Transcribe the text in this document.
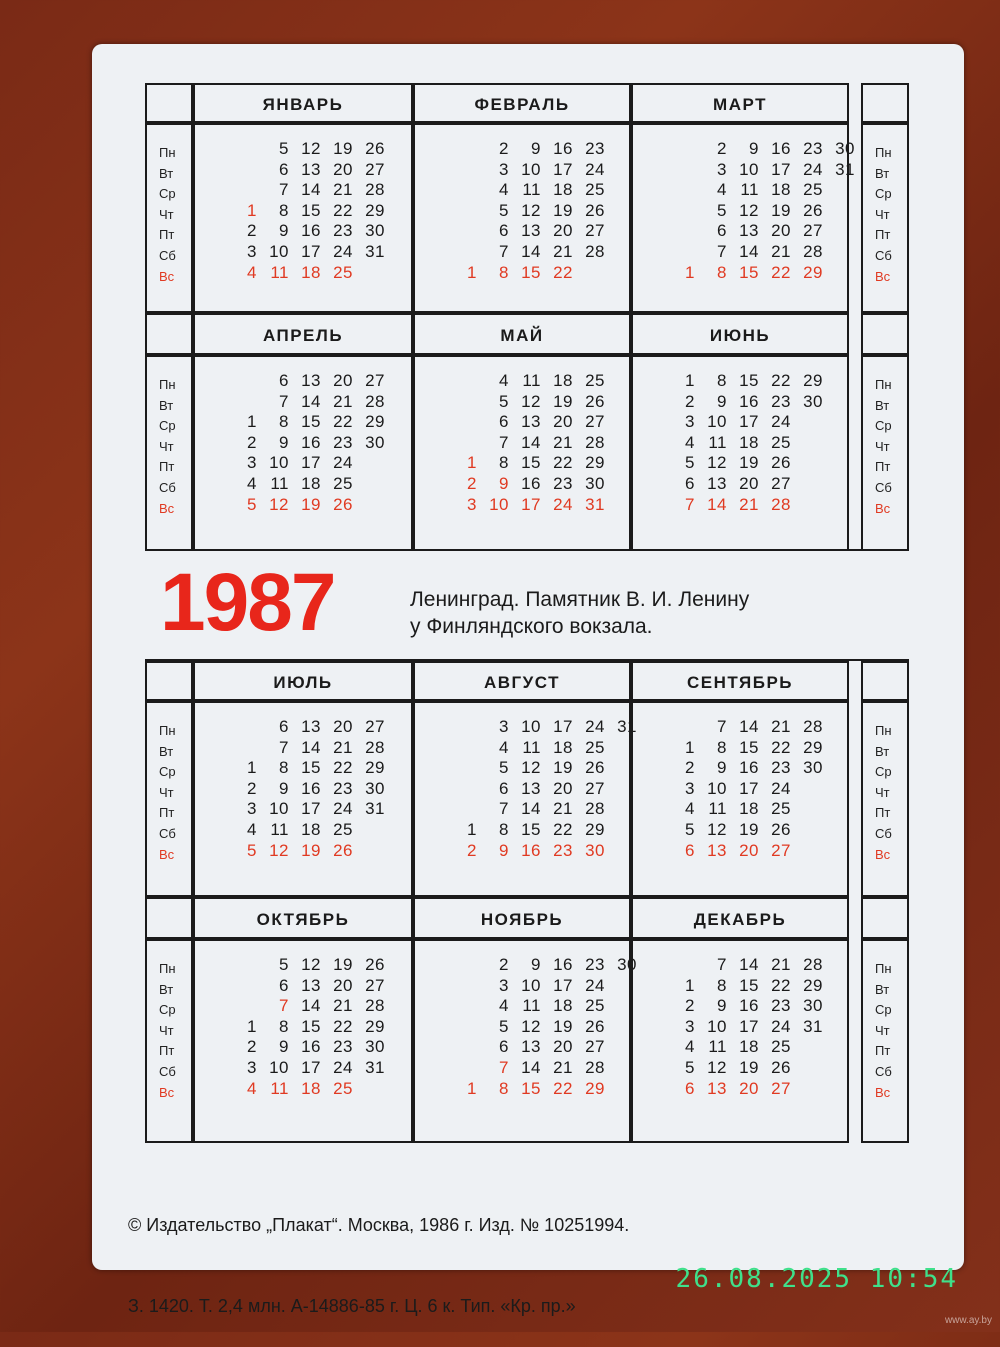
Пн
Вт
Ср
Чт
Пт
Сб
Вс
Пн
Вт
Ср
Чт
Пт
Сб
Вс
ЯНВАРЬ
1
2
3
4
5
6
7
8
9
10
11
12
13
14
15
16
17
18
19
20
21
22
23
24
25
26
27
28
29
30
31
ФЕВРАЛЬ
1
2
3
4
5
6
7
8
9
10
11
12
13
14
15
16
17
18
19
20
21
22
23
24
25
26
27
28
МАРТ
1
2
3
4
5
6
7
8
9
10
11
12
13
14
15
16
17
18
19
20
21
22
23
24
25
26
27
28
29
30
31
Пн
Вт
Ср
Чт
Пт
Сб
Вс
Пн
Вт
Ср
Чт
Пт
Сб
Вс
АПРЕЛЬ
1
2
3
4
5
6
7
8
9
10
11
12
13
14
15
16
17
18
19
20
21
22
23
24
25
26
27
28
29
30
МАЙ
1
2
3
4
5
6
7
8
9
10
11
12
13
14
15
16
17
18
19
20
21
22
23
24
25
26
27
28
29
30
31
ИЮНЬ
1
2
3
4
5
6
7
8
9
10
11
12
13
14
15
16
17
18
19
20
21
22
23
24
25
26
27
28
29
30
Пн
Вт
Ср
Чт
Пт
Сб
Вс
Пн
Вт
Ср
Чт
Пт
Сб
Вс
ИЮЛЬ
1
2
3
4
5
6
7
8
9
10
11
12
13
14
15
16
17
18
19
20
21
22
23
24
25
26
27
28
29
30
31
АВГУСТ
1
2
3
4
5
6
7
8
9
10
11
12
13
14
15
16
17
18
19
20
21
22
23
24
25
26
27
28
29
30
31
СЕНТЯБРЬ
1
2
3
4
5
6
7
8
9
10
11
12
13
14
15
16
17
18
19
20
21
22
23
24
25
26
27
28
29
30
Пн
Вт
Ср
Чт
Пт
Сб
Вс
Пн
Вт
Ср
Чт
Пт
Сб
Вс
ОКТЯБРЬ
1
2
3
4
5
6
7
8
9
10
11
12
13
14
15
16
17
18
19
20
21
22
23
24
25
26
27
28
29
30
31
НОЯБРЬ
1
2
3
4
5
6
7
8
9
10
11
12
13
14
15
16
17
18
19
20
21
22
23
24
25
26
27
28
29
30
ДЕКАБРЬ
1
2
3
4
5
6
7
8
9
10
11
12
13
14
15
16
17
18
19
20
21
22
23
24
25
26
27
28
29
30
31
1987	Ленинград. Памятник В. И. Ленину
у Финляндского вокзала.

© Издательство „Плакат“. Москва, 1986 г. Изд. № 10251994.

З. 1420. Т. 2,4 млн. А-14886-85 г. Ц. 6 к. Тип. «Кр. пр.»

26.08.2025 10:54
www.ay.by
